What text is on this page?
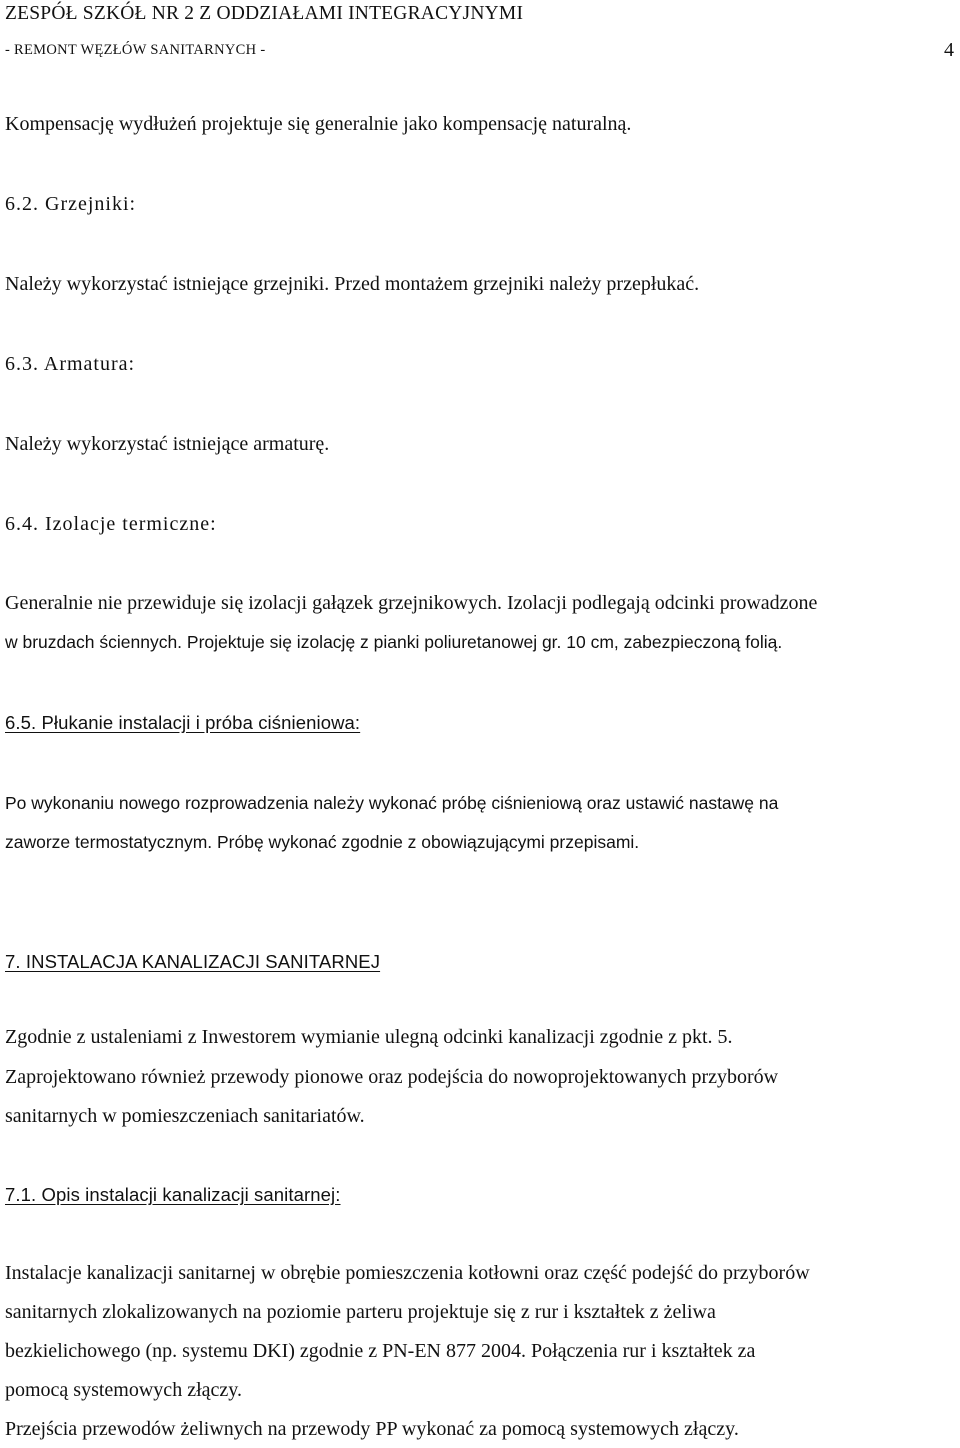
ZESPÓŁ SZKÓŁ NR 2 Z ODDZIAŁAMI INTEGRACYJNYMI
- REMONT WĘZŁÓW SANITARNYCH -	4
Kompensację wydłużeń projektuje się generalnie jako kompensację naturalną.
6.2. Grzejniki:
Należy wykorzystać istniejące grzejniki. Przed montażem grzejniki należy przepłukać.
6.3. Armatura:
Należy wykorzystać istniejące armaturę.
6.4. Izolacje termiczne:
Generalnie nie przewiduje się izolacji gałązek grzejnikowych. Izolacji podlegają odcinki prowadzone
w bruzdach ściennych. Projektuje się izolację z pianki poliuretanowej gr. 10 cm, zabezpieczoną folią.
6.5. Płukanie instalacji i próba ciśnieniowa:
Po wykonaniu nowego rozprowadzenia należy wykonać próbę ciśnieniową oraz ustawić nastawę na
zaworze termostatycznym. Próbę wykonać zgodnie z obowiązującymi przepisami.
7. INSTALACJA KANALIZACJI SANITARNEJ
Zgodnie z ustaleniami z Inwestorem wymianie ulegną odcinki kanalizacji zgodnie z pkt. 5.
Zaprojektowano również przewody pionowe oraz podejścia do nowoprojektowanych przyborów
sanitarnych w pomieszczeniach sanitariatów.
7.1. Opis instalacji kanalizacji sanitarnej:
Instalacje kanalizacji sanitarnej w obrębie pomieszczenia kotłowni oraz część podejść do przyborów
sanitarnych zlokalizowanych na poziomie parteru projektuje się z rur i kształtek z żeliwa
bezkielichowego (np. systemu DKI) zgodnie z PN-EN 877 2004. Połączenia rur i kształtek za
pomocą systemowych złączy.
Przejścia przewodów żeliwnych na przewody PP wykonać za pomocą systemowych złączy.
